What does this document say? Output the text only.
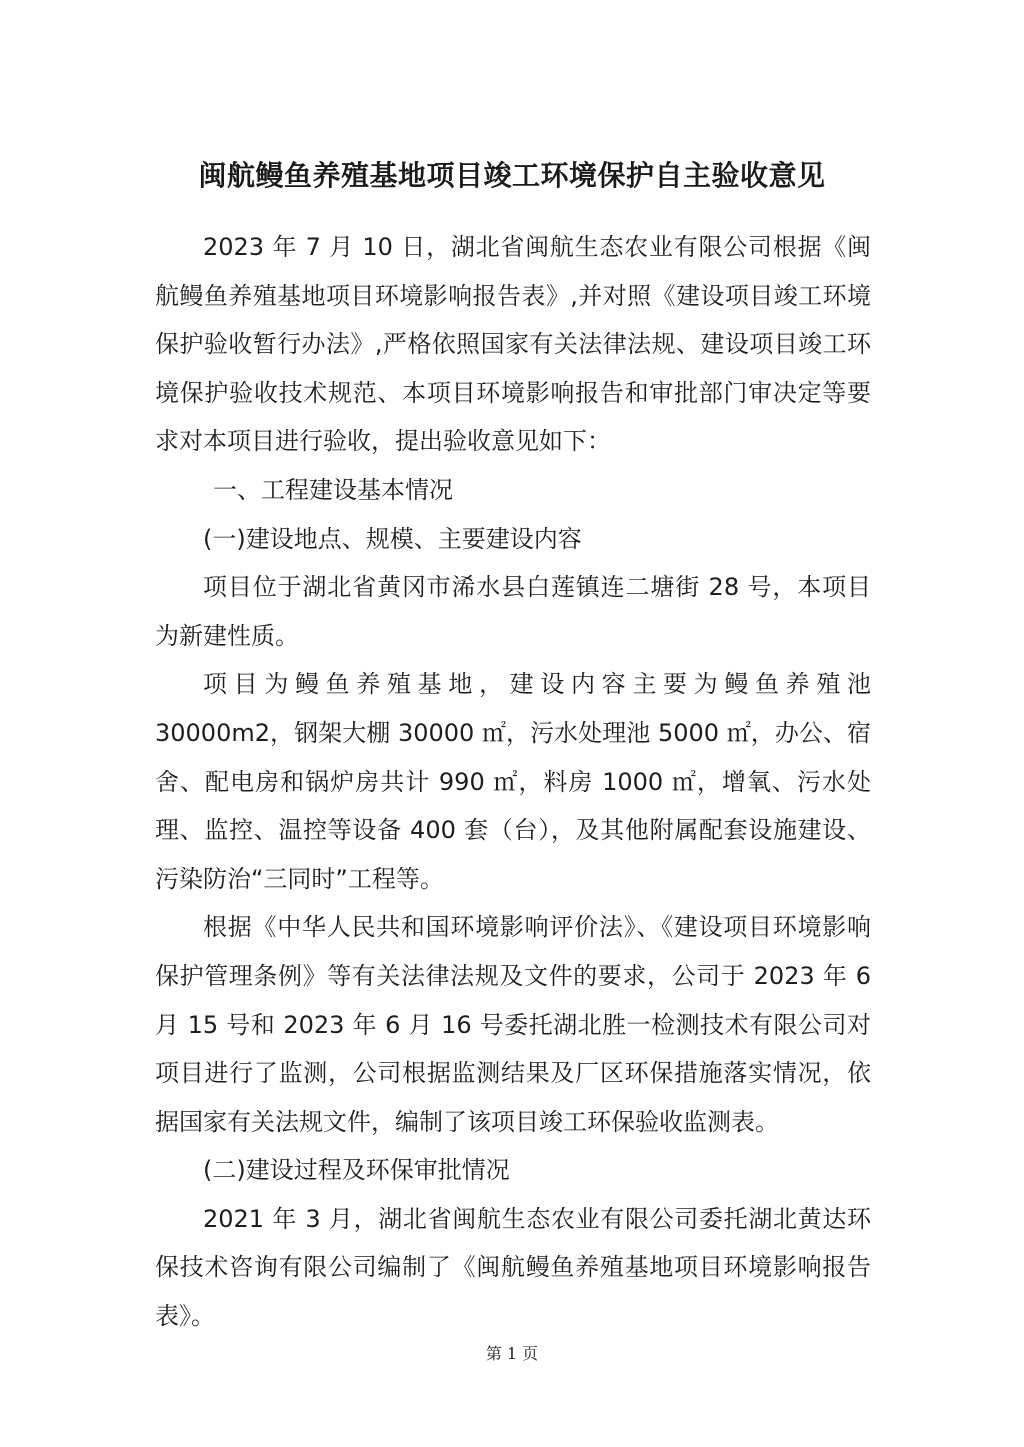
闽航鳗鱼养殖基地项目竣工环境保护自主验收意见

2023 年 7 月 10 日，湖北省闽航生态农业有限公司根据《闽航鳗鱼养殖基地项目环境影响报告表》,并对照《建设项目竣工环境保护验收暂行办法》,严格依照国家有关法律法规、建设项目竣工环境保护验收技术规范、本项目环境影响报告和审批部门审决定等要求对本项目进行验收，提出验收意见如下：

一、工程建设基本情况

(一)建设地点、规模、主要建设内容

项目位于湖北省黄冈市浠水县白莲镇连二塘街 28 号，本项目为新建性质。

项目为鳗鱼养殖基地，建设内容主要为鳗鱼养殖池 30000m2，钢架大棚 30000 ㎡，污水处理池 5000 ㎡，办公、宿舍、配电房和锅炉房共计 990 ㎡，料房 1000 ㎡，增氧、污水处理、监控、温控等设备 400 套（台），及其他附属配套设施建设、污染防治“三同时”工程等。

根据《中华人民共和国环境影响评价法》、《建设项目环境影响保护管理条例》等有关法律法规及文件的要求，公司于 2023 年 6 月 15 号和 2023 年 6 月 16 号委托湖北胜一检测技术有限公司对项目进行了监测，公司根据监测结果及厂区环保措施落实情况，依据国家有关法规文件，编制了该项目竣工环保验收监测表。

(二)建设过程及环保审批情况

2021 年 3 月，湖北省闽航生态农业有限公司委托湖北黄达环保技术咨询有限公司编制了《闽航鳗鱼养殖基地项目环境影响报告表》。

第 1 页
